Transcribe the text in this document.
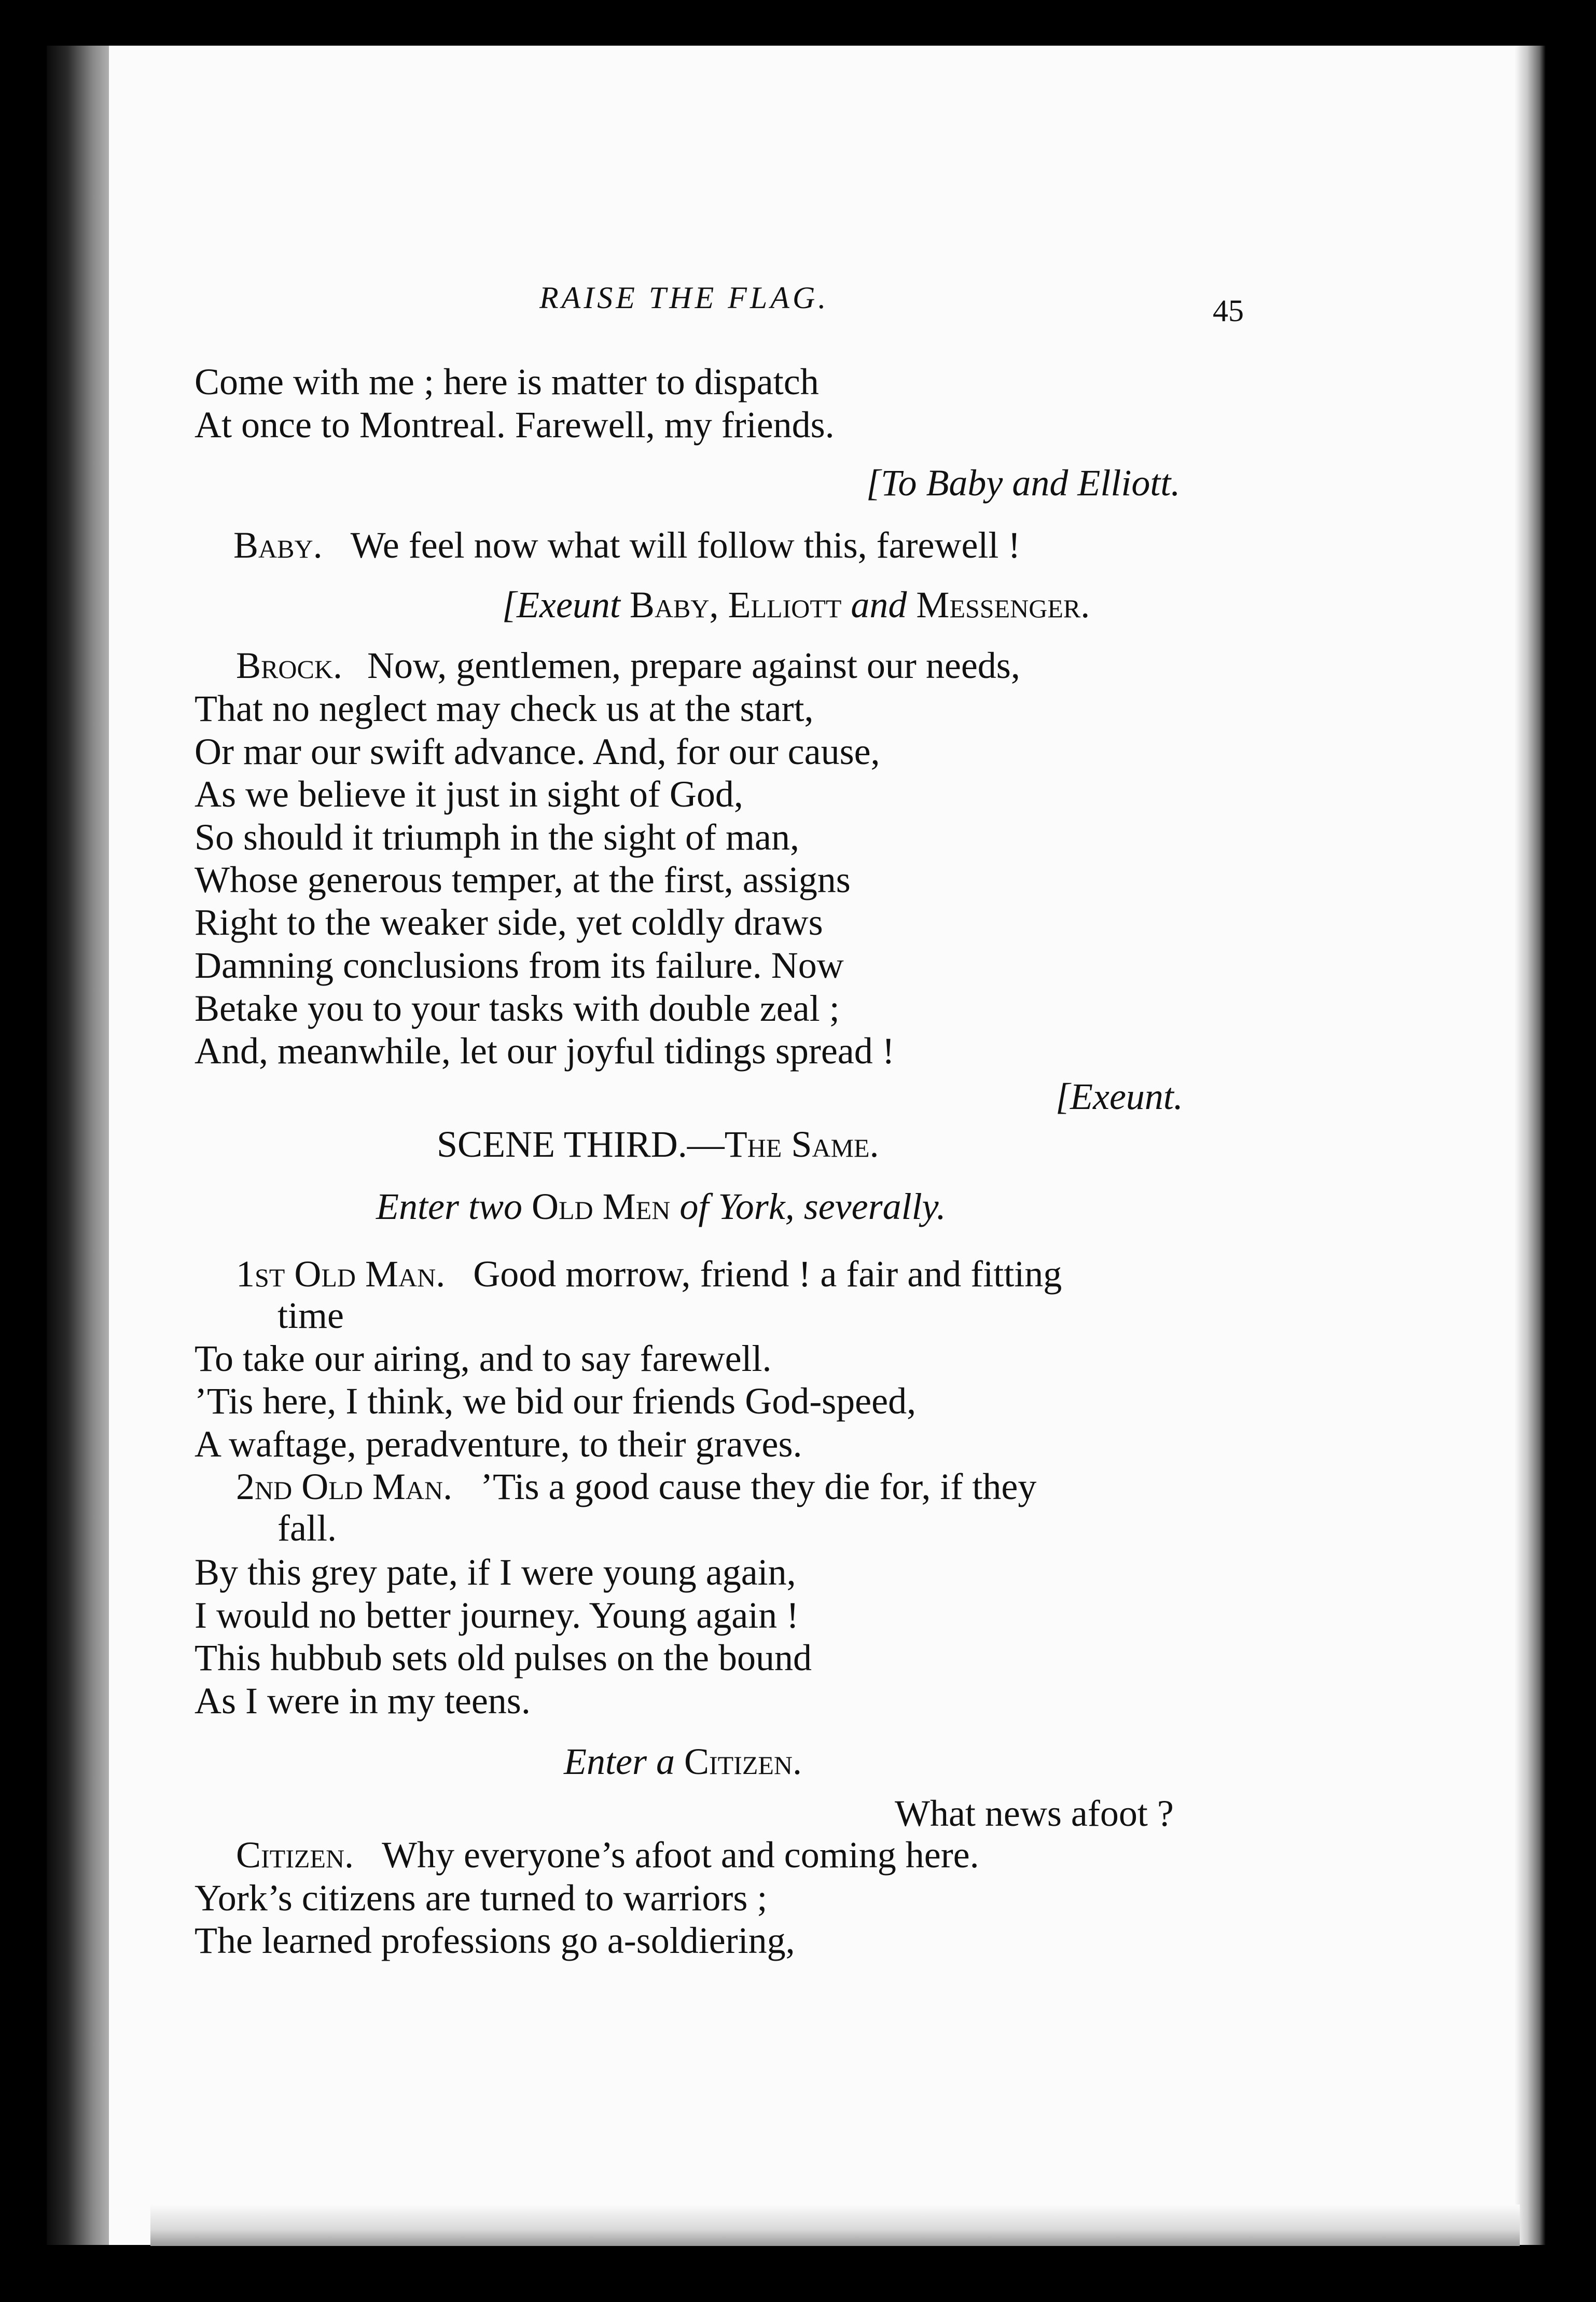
RAISE THE FLAG.	45
Come with me ; here is matter to dispatch
At once to Montreal. Farewell, my friends.
[To Baby and Elliott.
Baby. We feel now what will follow this, farewell !
[Exeunt Baby, Elliott and Messenger.
Brock. Now, gentlemen, prepare against our needs,
That no neglect may check us at the start,
Or mar our swift advance. And, for our cause,
As we believe it just in sight of God,
So should it triumph in the sight of man,
Whose generous temper, at the first, assigns
Right to the weaker side, yet coldly draws
Damning conclusions from its failure. Now
Betake you to your tasks with double zeal ;
And, meanwhile, let our joyful tidings spread !
[Exeunt.
SCENE THIRD.—The Same.
Enter two Old Men of York, severally.
1st Old Man. Good morrow, friend ! a fair and fitting
time
To take our airing, and to say farewell.
’Tis here, I think, we bid our friends God-speed,
A waftage, peradventure, to their graves.
2nd Old Man. ’Tis a good cause they die for, if they
fall.
By this grey pate, if I were young again,
I would no better journey. Young again !
This hubbub sets old pulses on the bound
As I were in my teens.
Enter a Citizen.
What news afoot ?
Citizen. Why everyone’s afoot and coming here.
York’s citizens are turned to warriors ;
The learned professions go a-soldiering,
